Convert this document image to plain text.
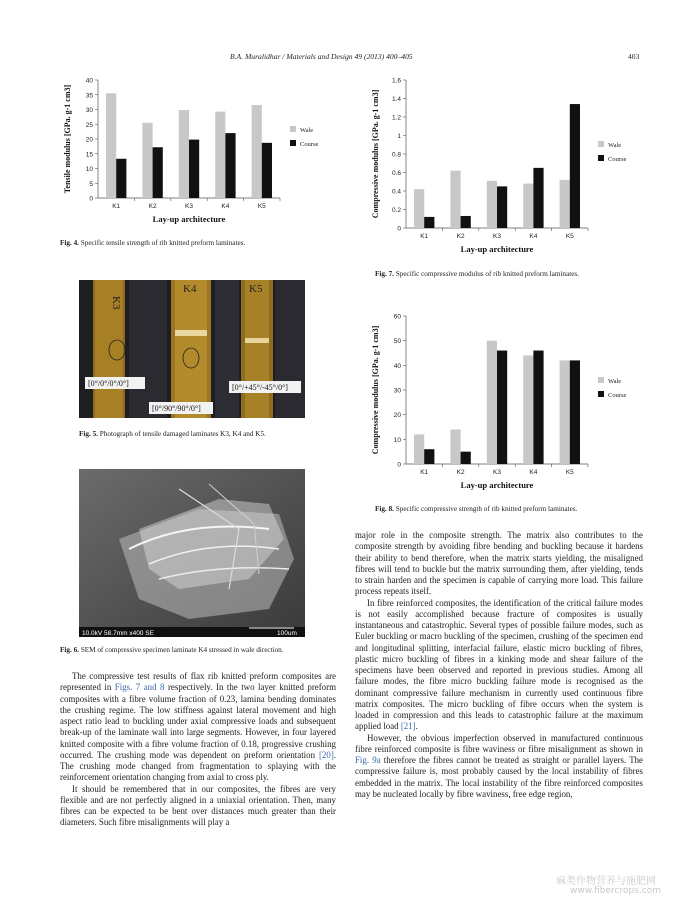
B.A. Muralidhar / Materials and Design 49 (2013) 400–405	403
0
5
10
15
20
25
30
35
40
K1	K2	K3	K4	K5
Lay-up architecture
Tensile modulus [GPa. g-1 cm3]	Wale
Course
Fig. 4. Specific tensile strength of rib knitted preform laminates.
0
0.2
0.4
0.6
0.8
1
1.2
1.4
1.6
K1	K2	K3	K4	K5
Lay-up architecture
Compressive modulus [GPa. g-1 cm3]	Wale
Course
Fig. 7. Specific compressive modulus of rib knitted preform laminates.
K3
K4	K5
[0°/0°/0°/0°]
[0°/90°/90°/0°]
[0°/+45°/-45°/0°]
Fig. 5. Photograph of tensile damaged laminates K3, K4 and K5.
0
10
20
30
40
50
60
K1	K2	K3	K4	K5
Lay-up architecture
Compressive modulus [GPa. g-1 cm3]	Wale
Course
Fig. 8. Specific compressive strength of rib knitted preform laminates.
10.0kV 58.7mm x400 SE	100um
Fig. 6. SEM of compressive specimen laminate K4 stressed in wale direction.

The compressive test results of flax rib knitted preform composites are represented in Figs. 7 and 8 respectively. In the two layer knitted preform composites with a fibre volume fraction of 0.23, lamina bending dominates the crushing regime. The low stiffness against lateral movement and high aspect ratio lead to buckling under axial compressive loads and subsequent break-up of the laminate wall into large segments. However, in four layered knitted composite with a fibre volume fraction of 0.18, progressive crushing occurred. The crushing mode was dependent on preform orientation [20]. The crushing mode changed from fragmentation to splaying with the reinforcement orientation changing from axial to cross ply.

It should be remembered that in our composites, the fibres are very flexible and are not perfectly aligned in a uniaxial orientation. Then, many fibres can be expected to be bent over distances much greater than their diameters. Such fibre misalignments will play a

major role in the composite strength. The matrix also contributes to the composite strength by avoiding fibre bending and buckling because it hardens their ability to bend therefore, when the matrix starts yielding, the misaligned fibres will tend to buckle but the matrix surrounding them, after yielding, tends to strain harden and the specimen is capable of carrying more load. This failure process repeats itself.

In fibre reinforced composites, the identification of the critical failure modes is not easily accomplished because fracture of composites is usually instantaneous and catastrophic. Several types of possible failure modes, such as Euler buckling or macro buckling of the specimen, crushing of the specimen end and longitudinal splitting, interfacial failure, elastic micro buckling of fibres, plastic micro buckling of fibres in a kinking mode and shear failure of the specimens have been observed and reported in previous studies. Among all failure modes, the fibre micro buckling failure mode is recognised as the dominant compressive failure mechanism in currently used continuous fibre matrix composites. The micro buckling of fibre occurs when the system is loaded in compression and this leads to catastrophic failure at the maximum applied load [21].

However, the obvious imperfection observed in manufactured continuous fibre reinforced composite is fibre waviness or fibre misalignment as shown in Fig. 9a therefore the fibres cannot be treated as straight or parallel layers. The compressive failure is, most probably caused by the local instability of fibres embedded in the matrix. The local instability of the fibre reinforced composites may be nucleated locally by fibre waviness, free edge region,

麻类作物营养与施肥网
www.fibercrops.com
